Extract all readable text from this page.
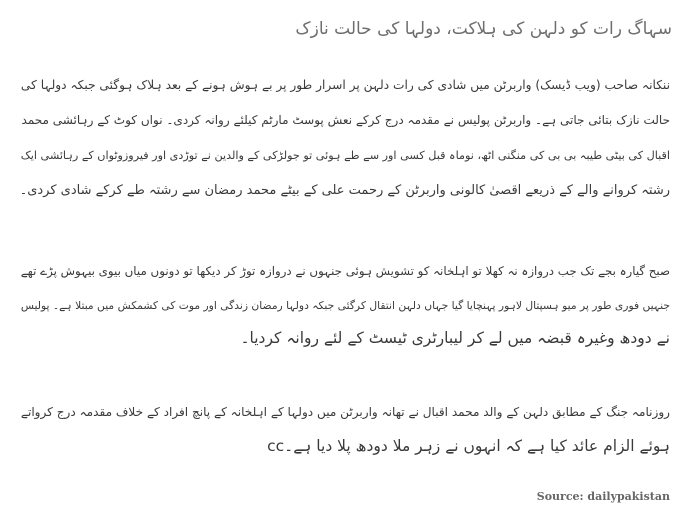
سہاگ رات کو دلہن کی ہلاکت، دولہا کی حالت نازک

ننکانہ صاحب (ویب ڈیسک) واربرٹن میں شادی کی رات دلہن پر اسرار طور پر بے ہوش ہونے کے بعد ہلاک ہوگئی جبکہ دولہا کی
حالت نازک بتائی جاتی ہے۔ واربرٹن پولیس نے مقدمہ درج کرکے نعش پوسٹ مارٹم کیلئے روانہ کردی۔ نواں کوٹ کے رہائشی محمد
اقبال کی بیٹی طیبہ بی بی کی منگنی اٹھ، نوماہ قبل کسی اور سے طے ہوئی تو جولڑکی کے والدین نے توڑدی اور فیروزوٹواں کے رہائشی ایک
رشتہ کروانے والے کے ذریعے اقصیٰ کالونی واربرٹن کے رحمت علی کے بیٹے محمد رمضان سے رشتہ طے کرکے شادی کردی۔

صبح گیارہ بجے تک جب دروازہ نہ کھلا تو اہلخانہ کو تشویش ہوئی جنہوں نے دروازہ توڑ کر دیکھا تو دونوں میاں بیوی بیہوش پڑے تھے
جنہیں فوری طور پر میو ہسپتال لاہور پہنچایا گیا جہاں دلہن انتقال کرگئی جبکہ دولہا رمضان زندگی اور موت کی کشمکش میں مبتلا ہے۔ پولیس
نے دودھ وغیرہ قبضہ میں لے کر لیبارٹری ٹیسٹ کے لئے روانہ کردیا۔

روزنامہ جنگ کے مطابق دلہن کے والد محمد اقبال نے تھانہ واربرٹن میں دولہا کے اہلخانہ کے پانچ افراد کے خلاف مقدمہ درج کرواتے
ہوئے الزام عائد کیا ہے کہ انہوں نے زہر ملا دودھ پلا دیا ہے۔cc

Source: dailypakistan
